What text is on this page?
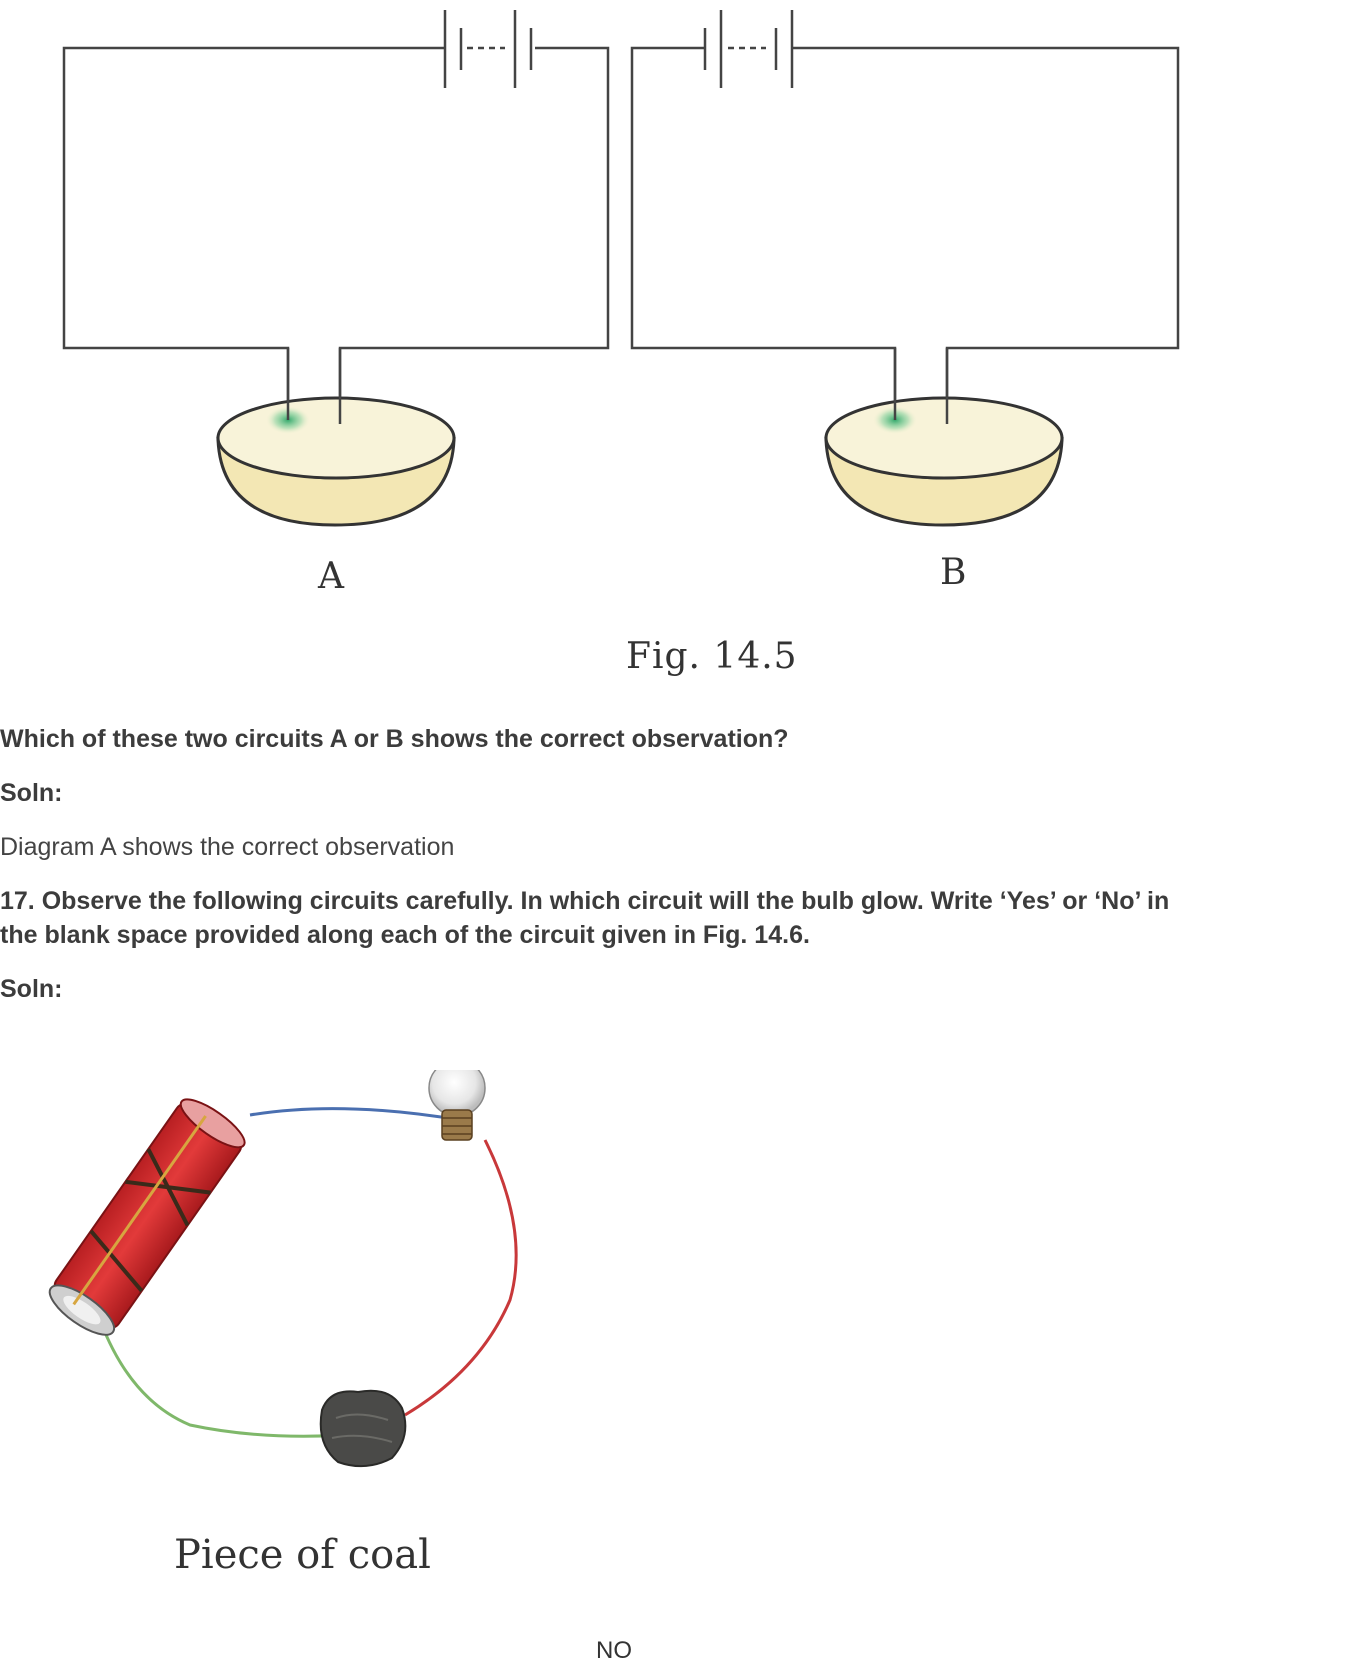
A	B
Fig. 14.5
Which of these two circuits A or B shows the correct observation?
Soln:
Diagram A shows the correct observation
17. Observe the following circuits carefully. In which circuit will the bulb glow. Write ‘Yes’ or ‘No’ in
the blank space provided along each of the circuit given in Fig. 14.6.
Soln:
Piece of coal
NO
